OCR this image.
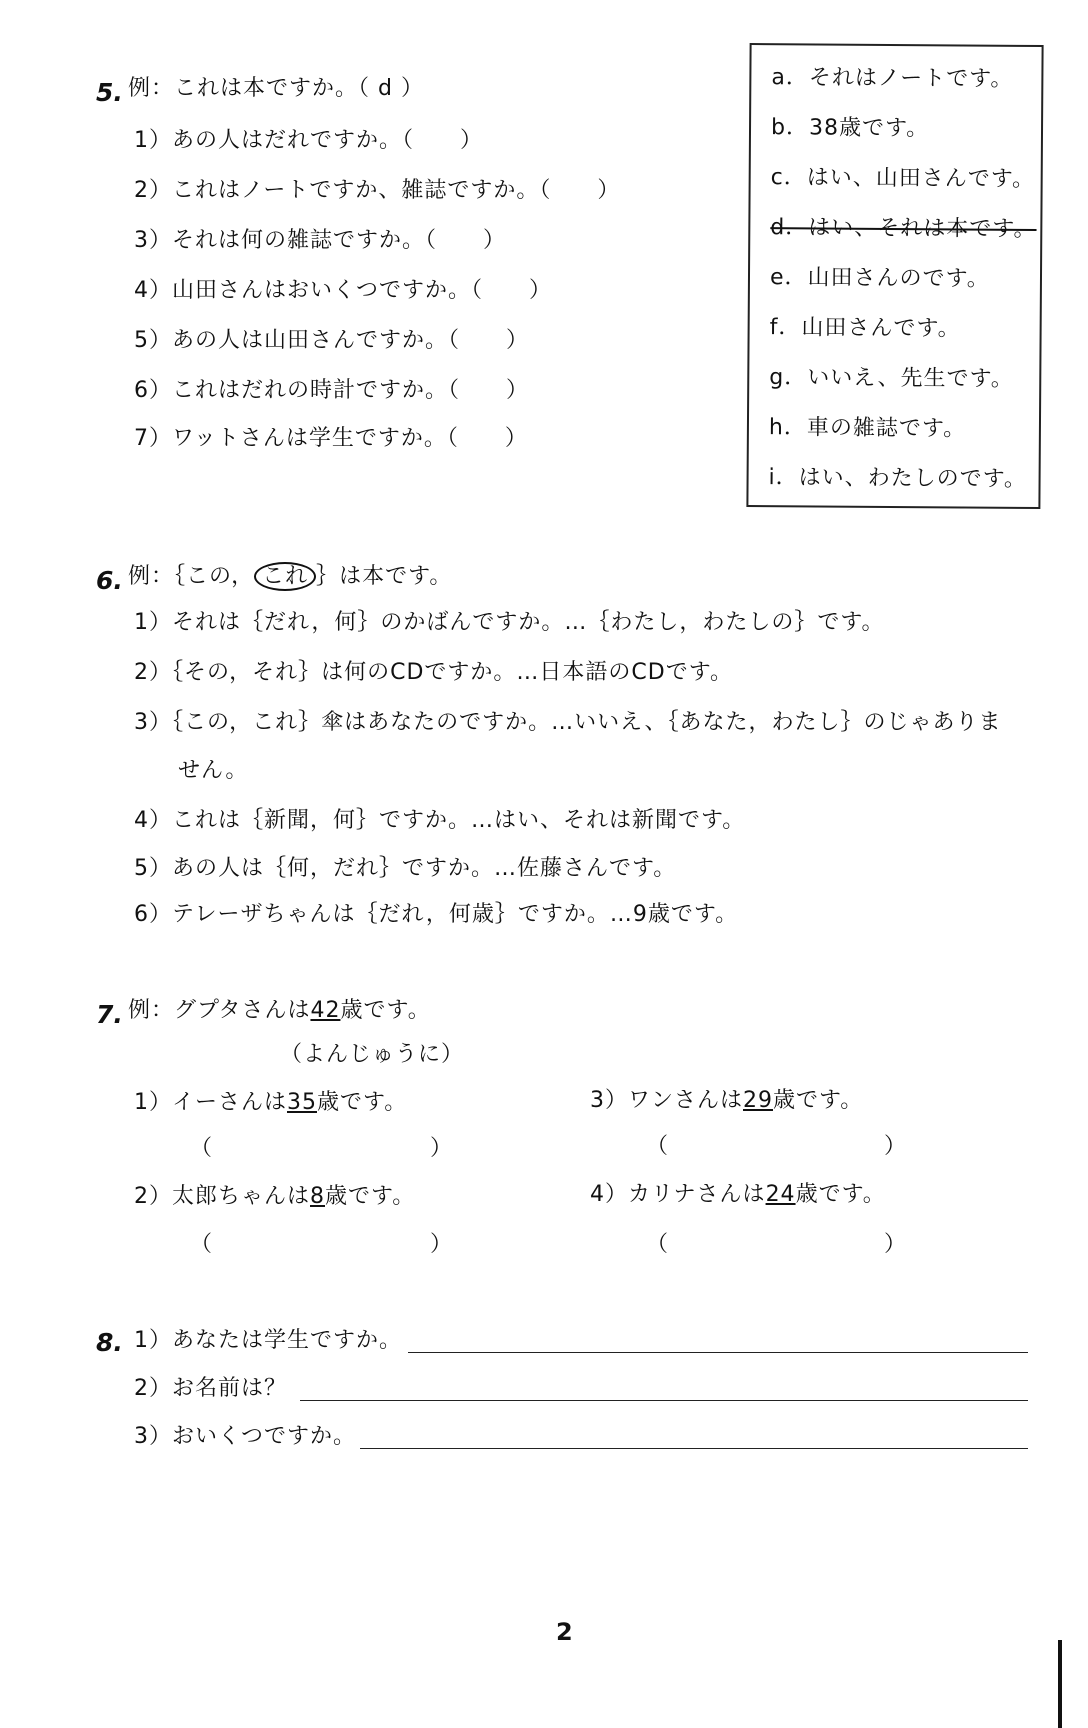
5. 例：これは本ですか。（ d ）
1）あの人はだれですか。（　　）
2）これはノートですか、雑誌ですか。（　　）
3）それは何の雑誌ですか。（　　）
4）山田さんはおいくつですか。（　　）
5）あの人は山田さんですか。（　　）
6）これはだれの時計ですか。（　　）
7）ワットさんは学生ですか。（　　）
a．それはノートです。
b．38歳です。
c．はい、山田さんです。
d．はい、それは本です。
e．山田さんのです。
f．山田さんです。
g．いいえ、先生です。
h．車の雑誌です。
i．はい、わたしのです。
6. 例：｛この， これ ｝は本です。
1）それは｛だれ，何｝のかばんですか。…｛わたし，わたしの｝です。
2）｛その，それ｝は何のCDですか。…日本語のCDです。
3）｛この，これ｝傘はあなたのですか。…いいえ、｛あなた，わたし｝のじゃありま
せん。
4）これは｛新聞，何｝ですか。…はい、それは新聞です。
5）あの人は｛何，だれ｝ですか。…佐藤さんです。
6）テレーザちゃんは｛だれ，何歳｝ですか。…9歳です。
7. 例：グプタさんは42歳です。
（よんじゅうに）
1）イーさんは35歳です。
（	）
2）太郎ちゃんは8歳です。
（	）
3）ワンさんは29歳です。
（	）
4）カリナさんは24歳です。
（	）
8. 1）あなたは学生ですか。
2）お名前は？
3）おいくつですか。
2
